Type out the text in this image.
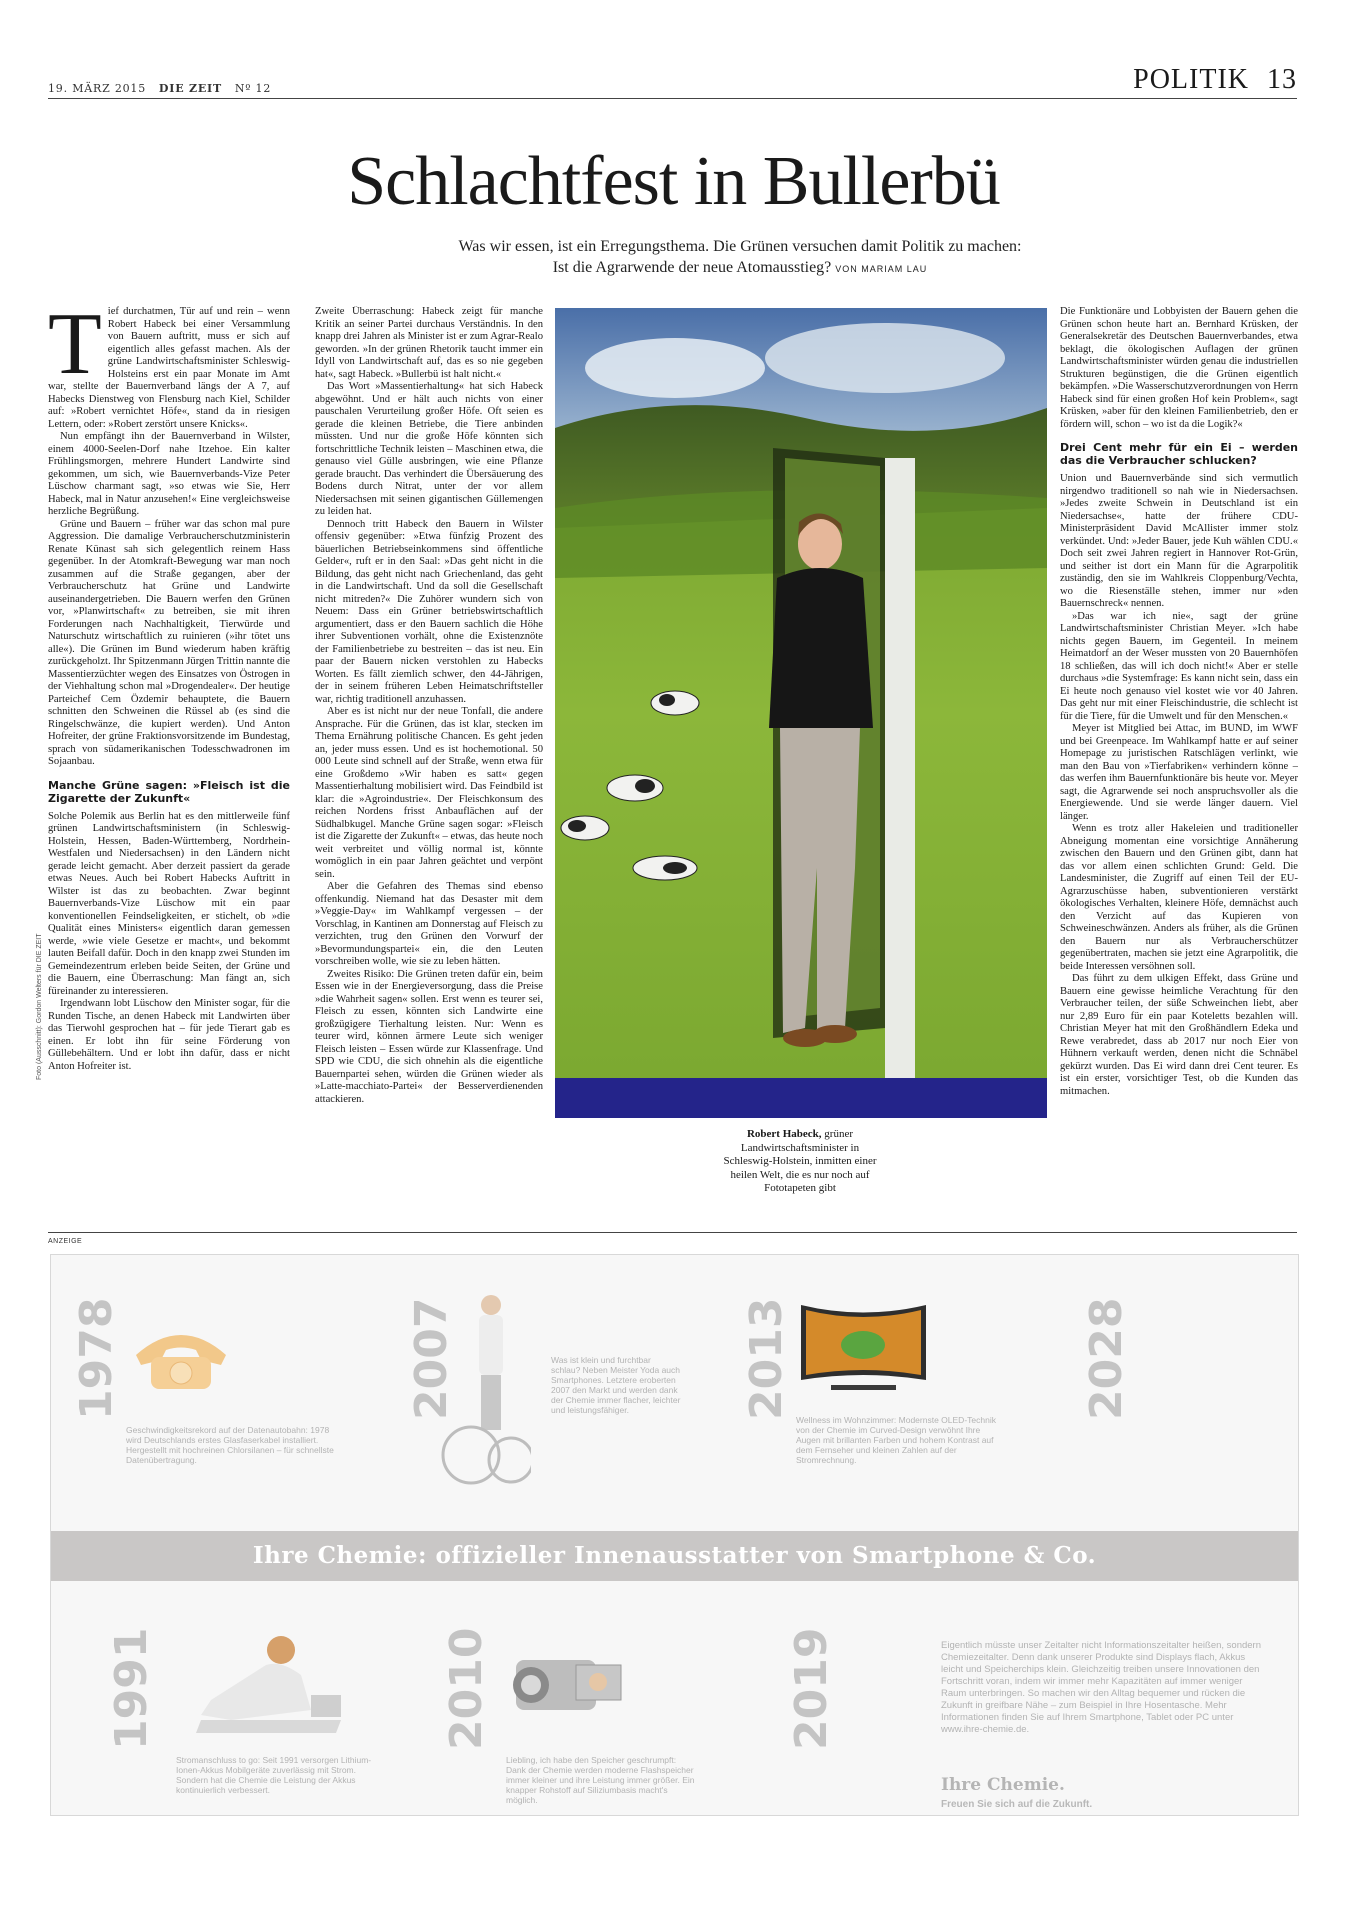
19. MÄRZ 2015 DIE ZEIT Nº 12	POLITIK 13
Schlachtfest in Bullerbü
Was wir essen, ist ein Erregungsthema. Die Grünen versuchen damit Politik zu machen:
Ist die Agrarwende der neue Atomausstieg? VON MARIAM LAU
T ief durchatmen, Tür auf und rein – wenn Robert Habeck bei einer Versammlung von Bauern auftritt, muss er sich auf eigentlich alles gefasst machen. Als der grüne Landwirtschaftsminister Schleswig-Holsteins erst ein paar Monate im Amt war, stellte der Bauernverband längs der A 7, auf Habecks Dienstweg von Flensburg nach Kiel, Schilder auf: »Robert vernichtet Höfe«, stand da in riesigen Lettern, oder: »Robert zerstört unsere Knicks«.

Nun empfängt ihn der Bauernverband in Wilster, einem 4000-Seelen-Dorf nahe Itzehoe. Ein kalter Frühlingsmorgen, mehrere Hundert Landwirte sind gekommen, um sich, wie Bauernverbands-Vize Peter Lüschow charmant sagt, »so etwas wie Sie, Herr Habeck, mal in Natur anzusehen!« Eine vergleichsweise herzliche Begrüßung.

Grüne und Bauern – früher war das schon mal pure Aggression. Die damalige Verbraucherschutzministerin Renate Künast sah sich gelegentlich reinem Hass gegenüber. In der Atomkraft-Bewegung war man noch zusammen auf die Straße gegangen, aber der Verbraucherschutz hat Grüne und Landwirte auseinandergetrieben. Die Bauern werfen den Grünen vor, »Planwirtschaft« zu betreiben, sie mit ihren Forderungen nach Nachhaltigkeit, Tierwürde und Naturschutz wirtschaftlich zu ruinieren (»ihr tötet uns alle«). Die Grünen im Bund wiederum haben kräftig zurückgeholzt. Ihr Spitzenmann Jürgen Trittin nannte die Massentierzüchter wegen des Einsatzes von Östrogen in der Viehhaltung schon mal »Drogendealer«. Der heutige Parteichef Cem Özdemir behauptete, die Bauern schnitten den Schweinen die Rüssel ab (es sind die Ringelschwänze, die kupiert werden). Und Anton Hofreiter, der grüne Fraktionsvorsitzende im Bundestag, sprach von südamerikanischen Todesschwadronen im Sojaanbau.

Manche Grüne sagen: »Fleisch ist die Zigarette der Zukunft«

Solche Polemik aus Berlin hat es den mittlerweile fünf grünen Landwirtschaftsministern (in Schleswig-Holstein, Hessen, Baden-Württemberg, Nordrhein-Westfalen und Niedersachsen) in den Ländern nicht gerade leicht gemacht. Aber derzeit passiert da gerade etwas Neues. Auch bei Robert Habecks Auftritt in Wilster ist das zu beobachten. Zwar beginnt Bauernverbands-Vize Lüschow mit ein paar konventionellen Feindseligkeiten, er stichelt, ob »die Qualität eines Ministers« eigentlich daran gemessen werde, »wie viele Gesetze er macht«, und bekommt lauten Beifall dafür. Doch in den knapp zwei Stunden im Gemeindezentrum erleben beide Seiten, der Grüne und die Bauern, eine Überraschung: Man fängt an, sich füreinander zu interessieren.

Irgendwann lobt Lüschow den Minister sogar, für die Runden Tische, an denen Habeck mit Landwirten über das Tierwohl gesprochen hat – für jede Tierart gab es einen. Er lobt ihn für seine Förderung von Güllebehältern. Und er lobt ihn dafür, dass er nicht Anton Hofreiter ist.

Foto (Ausschnitt): Gordon Welters für DIE ZEIT

Zweite Überraschung: Habeck zeigt für manche Kritik an seiner Partei durchaus Verständnis. In den knapp drei Jahren als Minister ist er zum Agrar-Realo geworden. »In der grünen Rhetorik taucht immer ein Idyll von Landwirtschaft auf, das es so nie gegeben hat«, sagt Habeck. »Bullerbü ist halt nicht.«

Das Wort »Massentierhaltung« hat sich Habeck abgewöhnt. Und er hält auch nichts von einer pauschalen Verurteilung großer Höfe. Oft seien es gerade die kleinen Betriebe, die Tiere anbinden müssten. Und nur die große Höfe könnten sich fortschrittliche Technik leisten – Maschinen etwa, die genauso viel Gülle ausbringen, wie eine Pflanze gerade braucht. Das verhindert die Übersäuerung des Bodens durch Nitrat, unter der vor allem Niedersachsen mit seinen gigantischen Güllemengen zu leiden hat.

Dennoch tritt Habeck den Bauern in Wilster offensiv gegenüber: »Etwa fünfzig Prozent des bäuerlichen Betriebseinkommens sind öffentliche Gelder«, ruft er in den Saal: »Das geht nicht in die Bildung, das geht nicht nach Griechenland, das geht in die Landwirtschaft. Und da soll die Gesellschaft nicht mitreden?« Die Zuhörer wundern sich von Neuem: Dass ein Grüner betriebswirtschaftlich argumentiert, dass er den Bauern sachlich die Höhe ihrer Subventionen vorhält, ohne die Existenznöte der Familienbetriebe zu bestreiten – das ist neu. Ein paar der Bauern nicken verstohlen zu Habecks Worten. Es fällt ziemlich schwer, den 44-Jährigen, der in seinem früheren Leben Heimatschriftsteller war, richtig traditionell anzuhassen.

Aber es ist nicht nur der neue Tonfall, die andere Ansprache. Für die Grünen, das ist klar, stecken im Thema Ernährung politische Chancen. Es geht jeden an, jeder muss essen. Und es ist hochemotional. 50 000 Leute sind schnell auf der Straße, wenn etwa für eine Großdemo »Wir haben es satt« gegen Massentierhaltung mobilisiert wird. Das Feindbild ist klar: die »Agroindustrie«. Der Fleischkonsum des reichen Nordens frisst Anbauflächen auf der Südhalbkugel. Manche Grüne sagen sogar: »Fleisch ist die Zigarette der Zukunft« – etwas, das heute noch weit verbreitet und völlig normal ist, könnte womöglich in ein paar Jahren geächtet und verpönt sein.

Aber die Gefahren des Themas sind ebenso offenkundig. Niemand hat das Desaster mit dem »Veggie-Day« im Wahlkampf vergessen – der Vorschlag, in Kantinen am Donnerstag auf Fleisch zu verzichten, trug den Grünen den Vorwurf der »Bevormundungspartei« ein, die den Leuten vorschreiben wolle, wie sie zu leben hätten.

Zweites Risiko: Die Grünen treten dafür ein, beim Essen wie in der Energieversorgung, dass die Preise »die Wahrheit sagen« sollen. Erst wenn es teurer sei, Fleisch zu essen, könnten sich Landwirte eine großzügigere Tierhaltung leisten. Nur: Wenn es teurer wird, können ärmere Leute sich weniger Fleisch leisten – Essen würde zur Klassenfrage. Und SPD wie CDU, die sich ohnehin als die eigentliche Bauernpartei sehen, würden die Grünen wieder als »Latte-macchiato-Partei« der Besserverdienenden attackieren.

Robert Habeck, grüner Landwirtschaftsminister in Schleswig-Holstein, inmitten einer heilen Welt, die es nur noch auf Fototapeten gibt

Die Funktionäre und Lobbyisten der Bauern gehen die Grünen schon heute hart an. Bernhard Krüsken, der Generalsekretär des Deutschen Bauernverbandes, etwa beklagt, die ökologischen Auflagen der grünen Landwirtschaftsminister würden genau die industriellen Strukturen begünstigen, die die Grünen eigentlich bekämpfen. »Die Wasserschutzverordnungen von Herrn Habeck sind für einen großen Hof kein Problem«, sagt Krüsken, »aber für den kleinen Familienbetrieb, den er fördern will, schon – wo ist da die Logik?«

Drei Cent mehr für ein Ei – werden das die Verbraucher schlucken?

Union und Bauernverbände sind sich vermutlich nirgendwo traditionell so nah wie in Niedersachsen. »Jedes zweite Schwein in Deutschland ist ein Niedersachse«, hatte der frühere CDU-Ministerpräsident David McAllister immer stolz verkündet. Und: »Jeder Bauer, jede Kuh wählen CDU.« Doch seit zwei Jahren regiert in Hannover Rot-Grün, und seither ist dort ein Mann für die Agrarpolitik zuständig, den sie im Wahlkreis Cloppenburg/Vechta, wo die Riesenställe stehen, immer nur »den Bauernschreck« nennen.

»Das war ich nie«, sagt der grüne Landwirtschaftsminister Christian Meyer. »Ich habe nichts gegen Bauern, im Gegenteil. In meinem Heimatdorf an der Weser mussten von 20 Bauernhöfen 18 schließen, das will ich doch nicht!« Aber er stelle durchaus »die Systemfrage: Es kann nicht sein, dass ein Ei heute noch genauso viel kostet wie vor 40 Jahren. Das geht nur mit einer Fleischindustrie, die schlecht ist für die Tiere, für die Umwelt und für den Menschen.«

Meyer ist Mitglied bei Attac, im BUND, im WWF und bei Greenpeace. Im Wahlkampf hatte er auf seiner Homepage zu juristischen Ratschlägen verlinkt, wie man den Bau von »Tierfabriken« verhindern könne – das werfen ihm Bauernfunktionäre bis heute vor. Meyer sagt, die Agrarwende sei noch anspruchsvoller als die Energiewende. Und sie werde länger dauern. Viel länger.

Wenn es trotz aller Hakeleien und traditioneller Abneigung momentan eine vorsichtige Annäherung zwischen den Bauern und den Grünen gibt, dann hat das vor allem einen schlichten Grund: Geld. Die Landesminister, die Zugriff auf einen Teil der EU-Agrarzuschüsse haben, subventionieren verstärkt ökologisches Verhalten, kleinere Höfe, demnächst auch den Verzicht auf das Kupieren von Schweineschwänzen. Anders als früher, als die Grünen den Bauern nur als Verbraucherschützer gegenübertraten, machen sie jetzt eine Agrarpolitik, die beide Interessen versöhnen soll.

Das führt zu dem ulkigen Effekt, dass Grüne und Bauern eine gewisse heimliche Verachtung für den Verbraucher teilen, der süße Schweinchen liebt, aber nur 2,89 Euro für ein paar Koteletts bezahlen will. Christian Meyer hat mit den Großhändlern Edeka und Rewe verabredet, dass ab 2017 nur noch Eier von Hühnern verkauft werden, denen nicht die Schnäbel gekürzt wurden. Das Ei wird dann drei Cent teurer. Es ist ein erster, vorsichtiger Test, ob die Kunden das mitmachen.

ANZEIGE
1978
Geschwindigkeitsrekord auf der Datenautobahn: 1978 wird Deutschlands erstes Glasfaserkabel installiert. Hergestellt mit hochreinen Chlorsilanen – für schnellste Datenübertragung.
2007	Was ist klein und furchtbar schlau? Neben Meister Yoda auch Smartphones. Letztere eroberten 2007 den Markt und werden dank der Chemie immer flacher, leichter und leistungsfähiger.	2013 Wellness im Wohnzimmer: Modernste OLED-Technik von der Chemie im Curved-Design verwöhnt Ihre Augen mit brillanten Farben und hohem Kontrast auf dem Fernseher und kleinen Zahlen auf der Stromrechnung.
2028
Ihre Chemie: offizieller Innenausstatter von Smartphone & Co.
1991
Stromanschluss to go: Seit 1991 versorgen Lithium-Ionen-Akkus Mobilgeräte zuverlässig mit Strom. Sondern hat die Chemie die Leistung der Akkus kontinuierlich verbessert.
2010
Liebling, ich habe den Speicher geschrumpft: Dank der Chemie werden moderne Flashspeicher immer kleiner und ihre Leistung immer größer. Ein knapper Rohstoff auf Siliziumbasis macht's möglich.
2019	Eigentlich müsste unser Zeitalter nicht Informationszeitalter heißen, sondern Chemiezeitalter. Denn dank unserer Produkte sind Displays flach, Akkus leicht und Speicherchips klein. Gleichzeitig treiben unsere Innovationen den Fortschritt voran, indem wir immer mehr Kapazitäten auf immer weniger Raum unterbringen. So machen wir den Alltag bequemer und rücken die Zukunft in greifbare Nähe – zum Beispiel in Ihre Hosentasche. Mehr Informationen finden Sie auf Ihrem Smartphone, Tablet oder PC unter www.ihre-chemie.de.
Ihre Chemie.
Freuen Sie sich auf die Zukunft.
